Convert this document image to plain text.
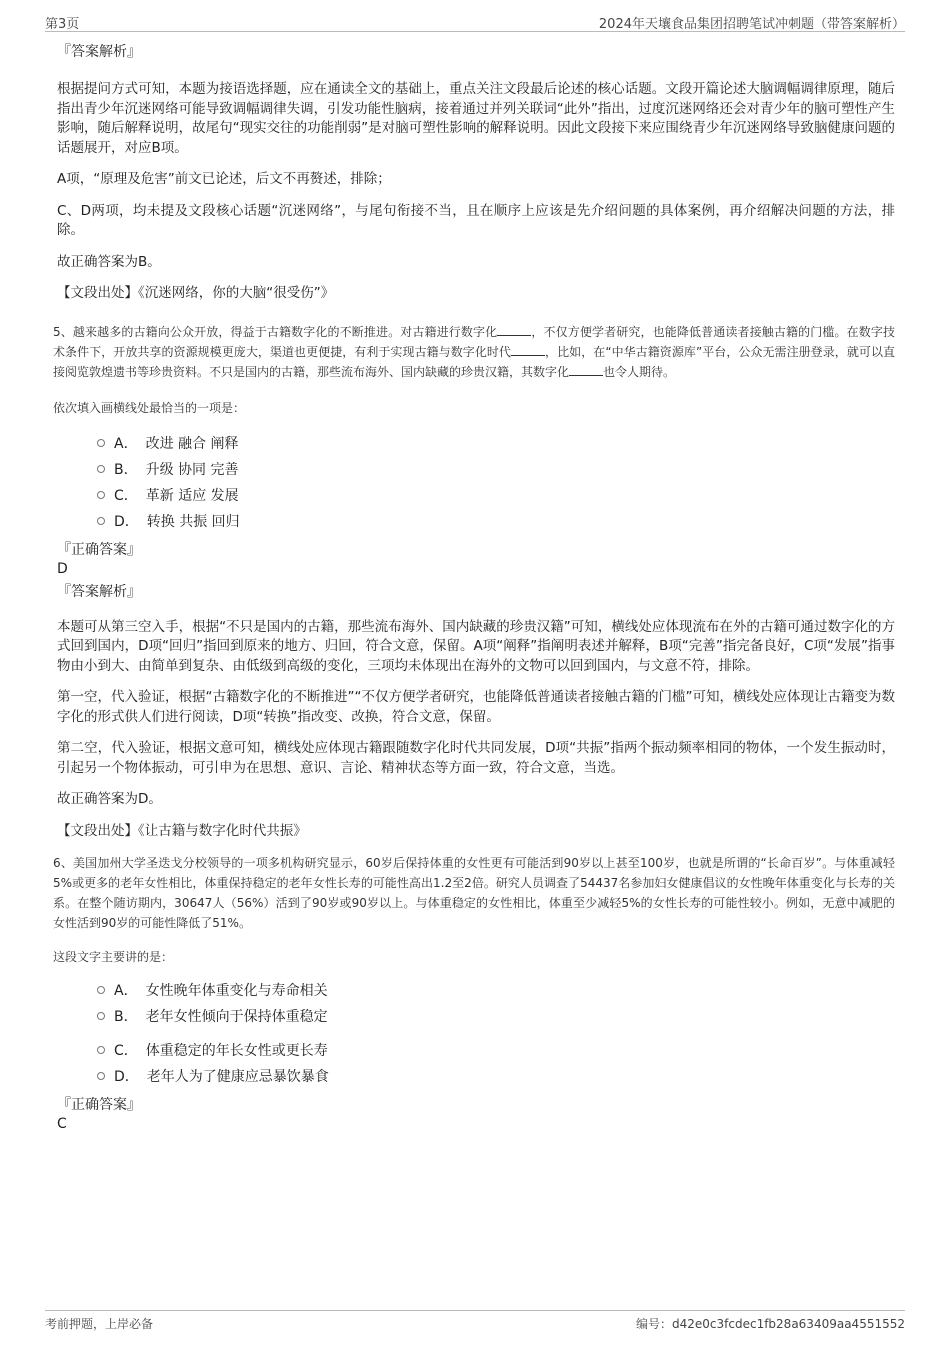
第3页	2024年天壤食品集团招聘笔试冲刺题（带答案解析）
『答案解析』

根据提问方式可知，本题为接语选择题，应在通读全文的基础上，重点关注文段最后论述的核心话题。文段开篇论述大脑调幅调律原理，随后指出青少年沉迷网络可能导致调幅调律失调，引发功能性脑病，接着通过并列关联词“此外”指出，过度沉迷网络还会对青少年的脑可塑性产生影响，随后解释说明，故尾句“现实交往的功能削弱”是对脑可塑性影响的解释说明。因此文段接下来应围绕青少年沉迷网络导致脑健康问题的话题展开，对应B项。

A项，“原理及危害”前文已论述，后文不再赘述，排除；

C、D两项，均未提及文段核心话题“沉迷网络”，与尾句衔接不当，且在顺序上应该是先介绍问题的具体案例，再介绍解决问题的方法，排除。

故正确答案为B。

【文段出处】《沉迷网络，你的大脑“很受伤”》

5、越来越多的古籍向公众开放，得益于古籍数字化的不断推进。对古籍进行数字化	，不仅方便学者研究，也能降低普通读者接触古籍的门槛。在数字技术条件下，开放共享的资源规模更庞大，渠道也更便捷，有利于实现古籍与数字化时代	，比如，在“中华古籍资源库”平台，公众无需注册登录，就可以直接阅览敦煌遗书等珍贵资料。不只是国内的古籍，那些流布海外、国内缺藏的珍贵汉籍，其数字化	也令人期待。

依次填入画横线处最恰当的一项是：

A． 改进 融合 阐释
B． 升级 协同 完善
C． 革新 适应 发展
D． 转换 共振 回归
『正确答案』
D
『答案解析』

本题可从第三空入手，根据“不只是国内的古籍，那些流布海外、国内缺藏的珍贵汉籍”可知，横线处应体现流布在外的古籍可通过数字化的方式回到国内，D项“回归”指回到原来的地方、归回，符合文意，保留。A项“阐释”指阐明表述并解释，B项“完善”指完备良好，C项“发展”指事物由小到大、由简单到复杂、由低级到高级的变化，三项均未体现出在海外的文物可以回到国内，与文意不符，排除。

第一空，代入验证，根据“古籍数字化的不断推进”“不仅方便学者研究，也能降低普通读者接触古籍的门槛”可知，横线处应体现让古籍变为数字化的形式供人们进行阅读，D项“转换”指改变、改换，符合文意，保留。

第二空，代入验证，根据文意可知，横线处应体现古籍跟随数字化时代共同发展，D项“共振”指两个振动频率相同的物体，一个发生振动时，引起另一个物体振动，可引申为在思想、意识、言论、精神状态等方面一致，符合文意，当选。

故正确答案为D。

【文段出处】《让古籍与数字化时代共振》

6、美国加州大学圣迭戈分校领导的一项多机构研究显示，60岁后保持体重的女性更有可能活到90岁以上甚至100岁，也就是所谓的“长命百岁”。与体重减轻5%或更多的老年女性相比，体重保持稳定的老年女性长寿的可能性高出1.2至2倍。研究人员调查了54437名参加妇女健康倡议的女性晚年体重变化与长寿的关系。在整个随访期内，30647人（56%）活到了90岁或90岁以上。与体重稳定的女性相比，体重至少减轻5%的女性长寿的可能性较小。例如，无意中减肥的女性活到90岁的可能性降低了51%。

这段文字主要讲的是：

A． 女性晚年体重变化与寿命相关
B． 老年女性倾向于保持体重稳定
C． 体重稳定的年长女性或更长寿
D． 老年人为了健康应忌暴饮暴食
『正确答案』
C
考前押题，上岸必备	编号：d42e0c3fcdec1fb28a63409aa4551552
